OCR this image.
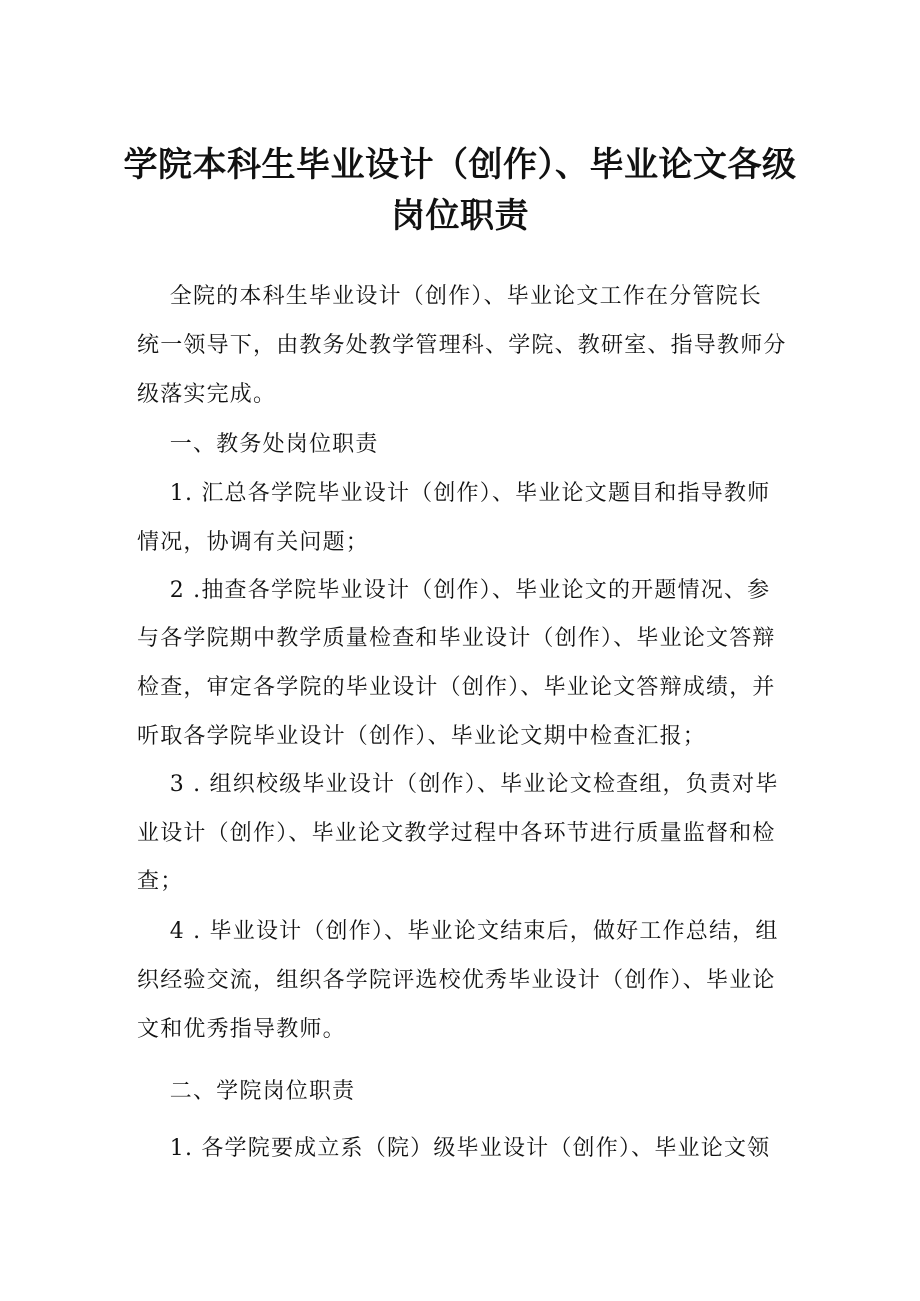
学院本科生毕业设计（创作）、毕业论文各级
岗位职责

全院的本科生毕业设计（创作）、毕业论文工作在分管院长

统一领导下，由教务处教学管理科、学院、教研室、指导教师分

级落实完成。

一、教务处岗位职责

1. 汇总各学院毕业设计（创作）、毕业论文题目和指导教师

情况，协调有关问题；

2 .抽查各学院毕业设计（创作）、毕业论文的开题情况、参

与各学院期中教学质量检查和毕业设计（创作）、毕业论文答辩

检查，审定各学院的毕业设计（创作）、毕业论文答辩成绩，并

听取各学院毕业设计（创作）、毕业论文期中检查汇报；

3 . 组织校级毕业设计（创作）、毕业论文检查组，负责对毕

业设计（创作）、毕业论文教学过程中各环节进行质量监督和检

查；

4 . 毕业设计（创作）、毕业论文结束后，做好工作总结，组

织经验交流，组织各学院评选校优秀毕业设计（创作）、毕业论

文和优秀指导教师。

二、学院岗位职责

1. 各学院要成立系（院）级毕业设计（创作）、毕业论文领
